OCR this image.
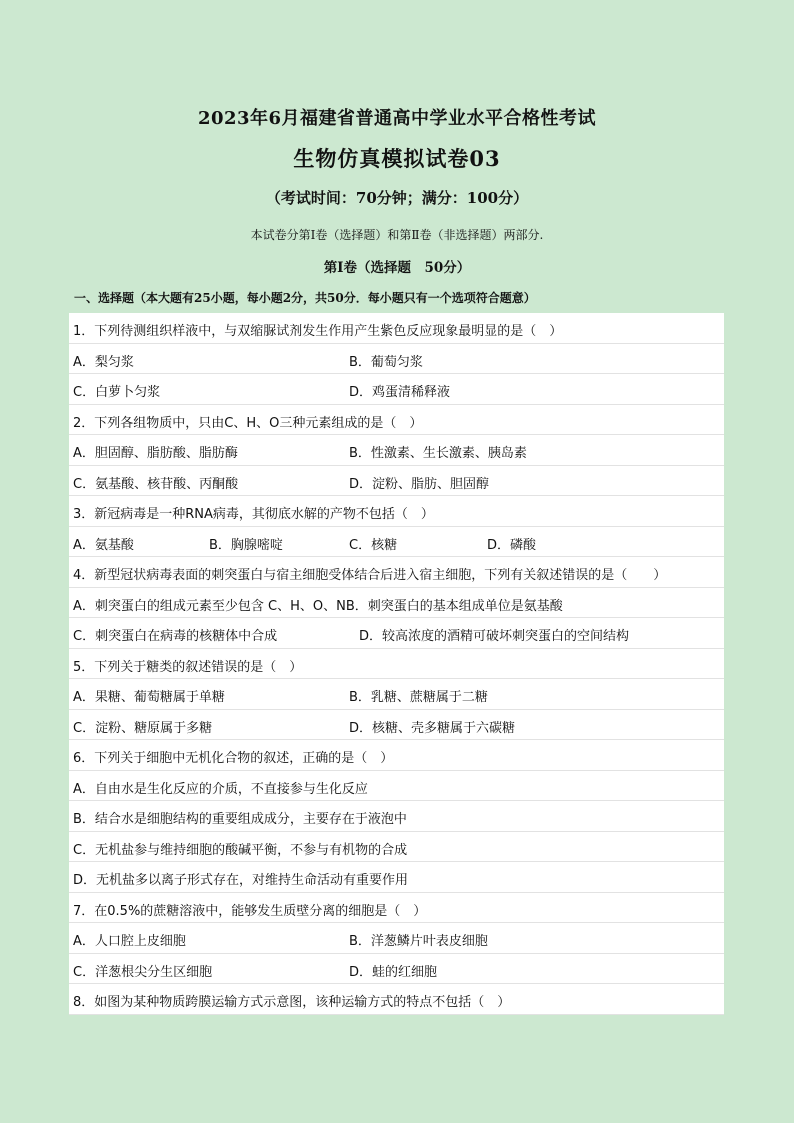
2023年6月福建省普通高中学业水平合格性考试
生物仿真模拟试卷03
（考试时间：70分钟；满分：100分）
本试卷分第Ⅰ卷（选择题）和第Ⅱ卷（非选择题）两部分.
第Ⅰ卷（选择题　50分）
一、选择题（本大题有25小题，每小题2分，共50分．每小题只有一个选项符合题意）
1．下列待测组织样液中，与双缩脲试剂发生作用产生紫色反应现象最明显的是（　）
A．梨匀浆	B．葡萄匀浆
C．白萝卜匀浆	D．鸡蛋清稀释液
2．下列各组物质中，只由C、H、O三种元素组成的是（　）
A．胆固醇、脂肪酸、脂肪酶	B．性激素、生长激素、胰岛素
C．氨基酸、核苷酸、丙酮酸	D．淀粉、脂肪、胆固醇
3．新冠病毒是一种RNA病毒，其彻底水解的产物不包括（　）
A．氨基酸	B．胸腺嘧啶	C．核糖	D．磷酸
4．新型冠状病毒表面的刺突蛋白与宿主细胞受体结合后进入宿主细胞，下列有关叙述错误的是（　　）
A．刺突蛋白的组成元素至少包含 C、H、O、NB．刺突蛋白的基本组成单位是氨基酸
C．刺突蛋白在病毒的核糖体中合成	D．较高浓度的酒精可破坏刺突蛋白的空间结构
5．下列关于糖类的叙述错误的是（　）
A．果糖、葡萄糖属于单糖	B．乳糖、蔗糖属于二糖
C．淀粉、糖原属于多糖	D．核糖、壳多糖属于六碳糖
6．下列关于细胞中无机化合物的叙述，正确的是（　）
A．自由水是生化反应的介质，不直接参与生化反应
B．结合水是细胞结构的重要组成成分，主要存在于液泡中
C．无机盐参与维持细胞的酸碱平衡，不参与有机物的合成
D．无机盐多以离子形式存在，对维持生命活动有重要作用
7．在0.5%的蔗糖溶液中，能够发生质壁分离的细胞是（　）
A．人口腔上皮细胞	B．洋葱鳞片叶表皮细胞
C．洋葱根尖分生区细胞	D．蛙的红细胞
8．如图为某种物质跨膜运输方式示意图，该种运输方式的特点不包括（　）
